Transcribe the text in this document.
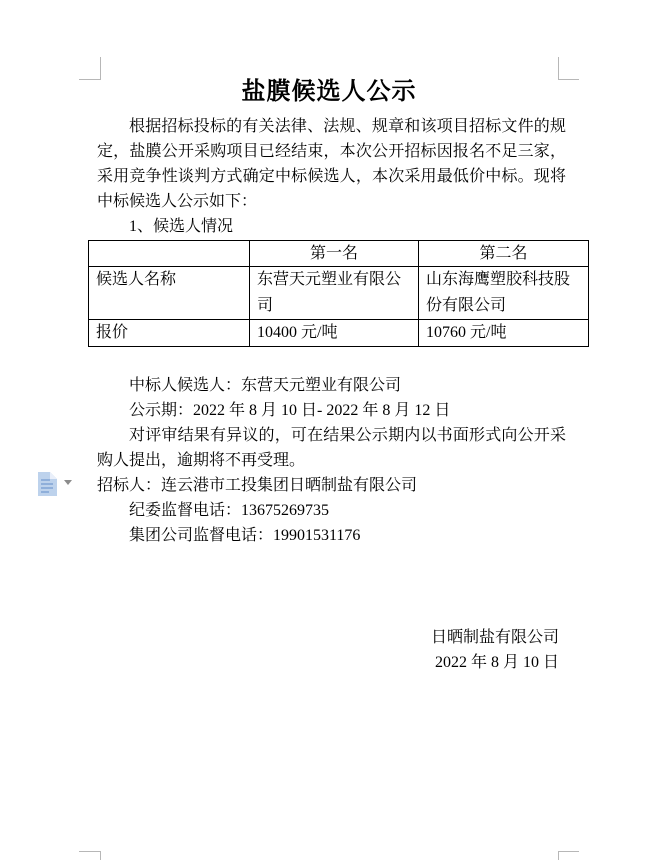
盐膜候选人公示

根据招标投标的有关法律、法规、规章和该项目招标文件的规定，盐膜公开采购项目已经结束，本次公开招标因报名不足三家，采用竞争性谈判方式确定中标候选人，本次采用最低价中标。现将中标候选人公示如下：

1、候选人情况
	第一名	第二名
候选人名称	东营天元塑业有限公司	山东海鹰塑胶科技股份有限公司
报价	10400 元/吨	10760 元/吨

中标人候选人：东营天元塑业有限公司

公示期：2022 年 8 月 10 日- 2022 年 8 月 12 日

对评审结果有异议的，可在结果公示期内以书面形式向公开采购人提出，逾期将不再受理。

招标人：连云港市工投集团日晒制盐有限公司

纪委监督电话：13675269735

集团公司监督电话：19901531176

日晒制盐有限公司

2022 年 8 月 10 日
